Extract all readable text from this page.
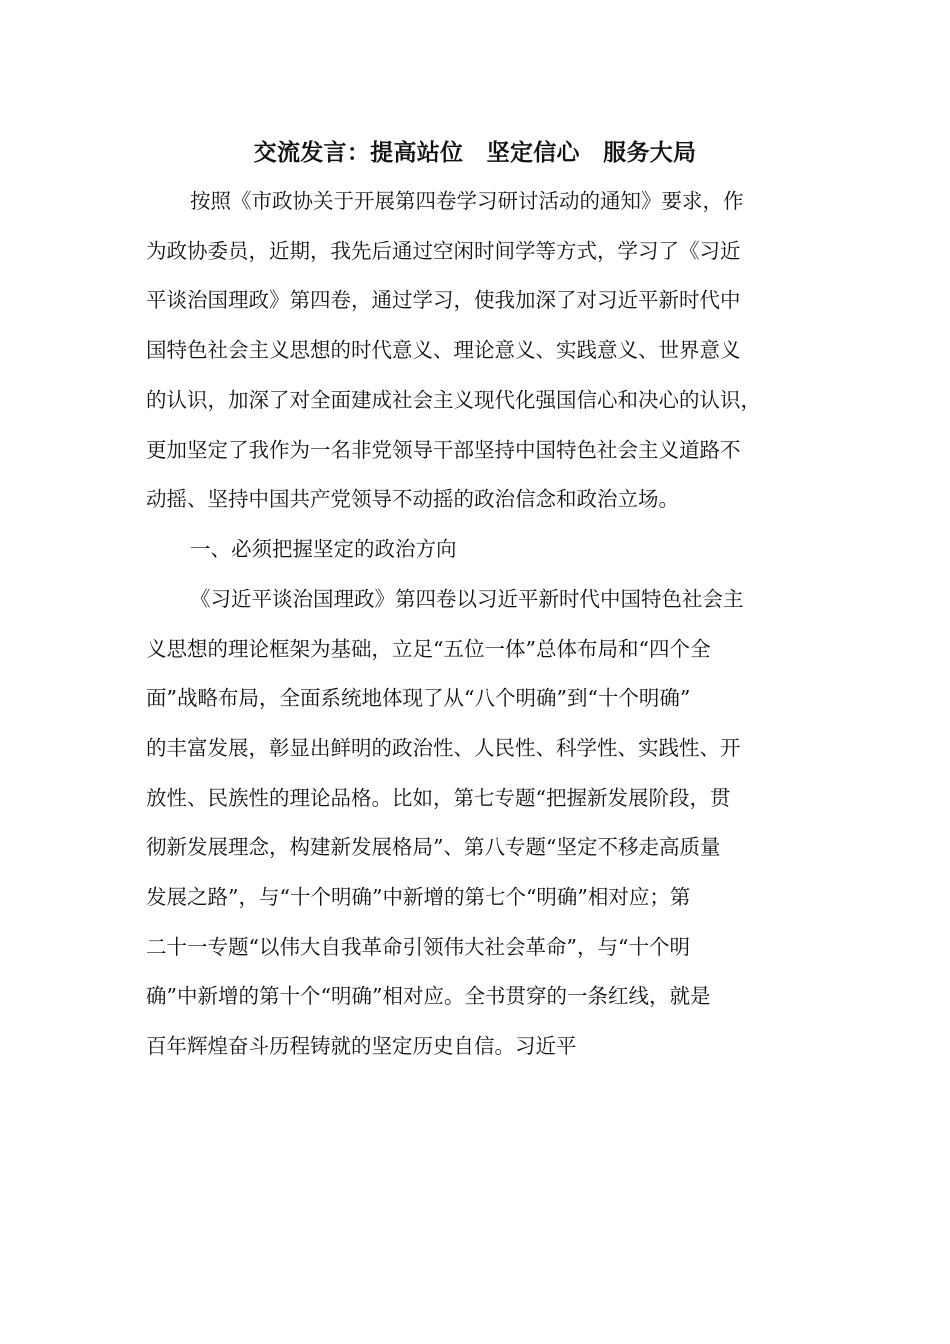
交流发言：提高站位　坚定信心　服务大局

按照《市政协关于开展第四卷学习研讨活动的通知》要求，作

为政协委员，近期，我先后通过空闲时间学等方式，学习了《习近

平谈治国理政》第四卷，通过学习，使我加深了对习近平新时代中

国特色社会主义思想的时代意义、理论意义、实践意义、世界意义

的认识，加深了对全面建成社会主义现代化强国信心和决心的认识，

更加坚定了我作为一名非党领导干部坚持中国特色社会主义道路不

动摇、坚持中国共产党领导不动摇的政治信念和政治立场。

一、必须把握坚定的政治方向

《习近平谈治国理政》第四卷以习近平新时代中国特色社会主

义思想的理论框架为基础，立足“五位一体”总体布局和“四个全

面”战略布局，全面系统地体现了从“八个明确”到“十个明确”

的丰富发展，彰显出鲜明的政治性、人民性、科学性、实践性、开

放性、民族性的理论品格。比如，第七专题“把握新发展阶段，贯

彻新发展理念，构建新发展格局”、第八专题“坚定不移走高质量

发展之路”，与“十个明确”中新增的第七个“明确”相对应；第

二十一专题“以伟大自我革命引领伟大社会革命”，与“十个明

确”中新增的第十个“明确”相对应。全书贯穿的一条红线，就是

百年辉煌奋斗历程铸就的坚定历史自信。习近平
